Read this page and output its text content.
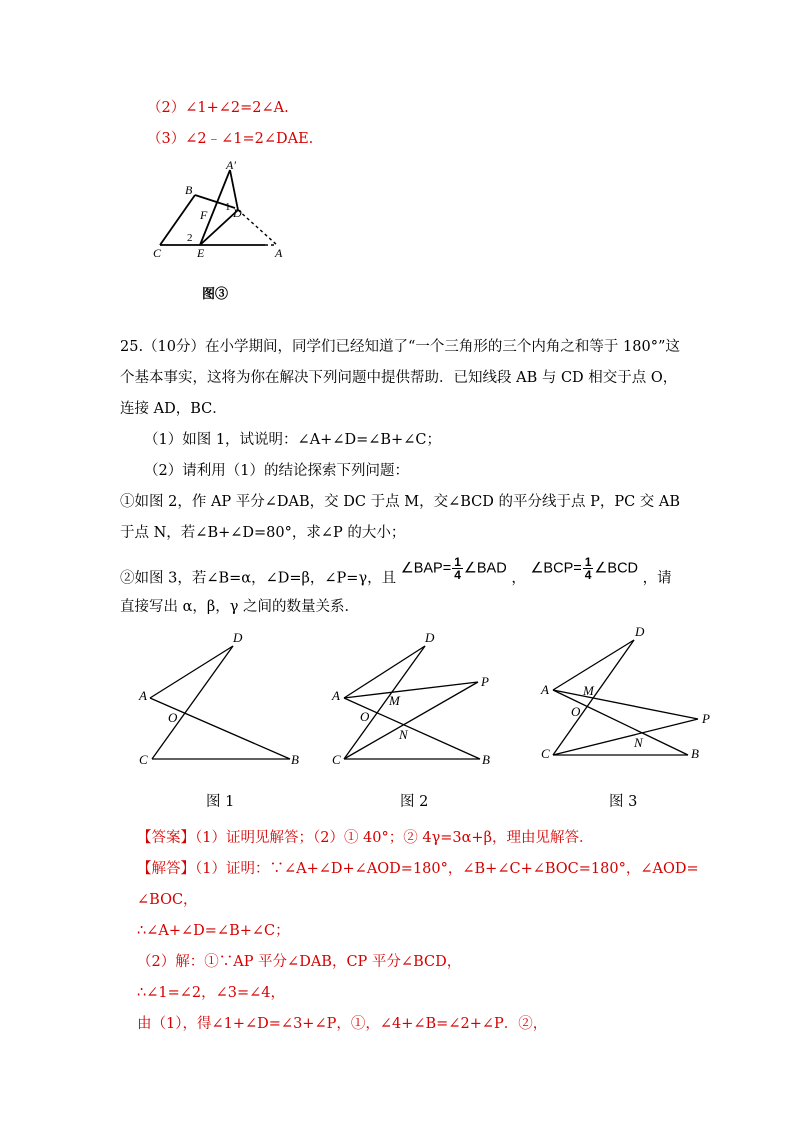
（2）∠1+∠2=2∠A.
（3）∠2﹣∠1=2∠DAE.
A′
B
F D
1
2
C	E	A
图③
25.（10分）在小学期间，同学们已经知道了“一个三角形的三个内角之和等于 180°”这
个基本事实，这将为你在解决下列问题中提供帮助．已知线段 AB 与 CD 相交于点 O，
连接 AD，BC．
（1）如图 1，试说明：∠A+∠D=∠B+∠C；
（2）请利用（1）的结论探索下列问题：
①如图 2，作 AP 平分∠DAB，交 DC 于点 M，交∠BCD 的平分线于点 P，PC 交 AB
于点 N，若∠B+∠D=80°，求∠P 的大小；
②如图 3，若∠B=α，∠D=β，∠P=γ，且 ∠BAP= $\frac{1}{4}$ ∠BAD ， ∠BCP= $\frac{1}{4}$ ∠BCD ，请
直接写出 α，β，γ 之间的数量关系．
D
A
O
C	B
D
A	M
O
N
P
C	B
D
A	M
O
N
P
C	B
图 1	图 2	图 3
【答案】（1）证明见解答；（2）① 40°；② 4γ=3α+β，理由见解答．
【解答】（1）证明：∵∠A+∠D+∠AOD=180°，∠B+∠C+∠BOC=180°，∠AOD=
∠BOC，
∴∠A+∠D=∠B+∠C；
（2）解：①∵AP 平分∠DAB，CP 平分∠BCD，
∴∠1=∠2，∠3=∠4，
由（1），得∠1+∠D=∠3+∠P，①，∠4+∠B=∠2+∠P．②，
